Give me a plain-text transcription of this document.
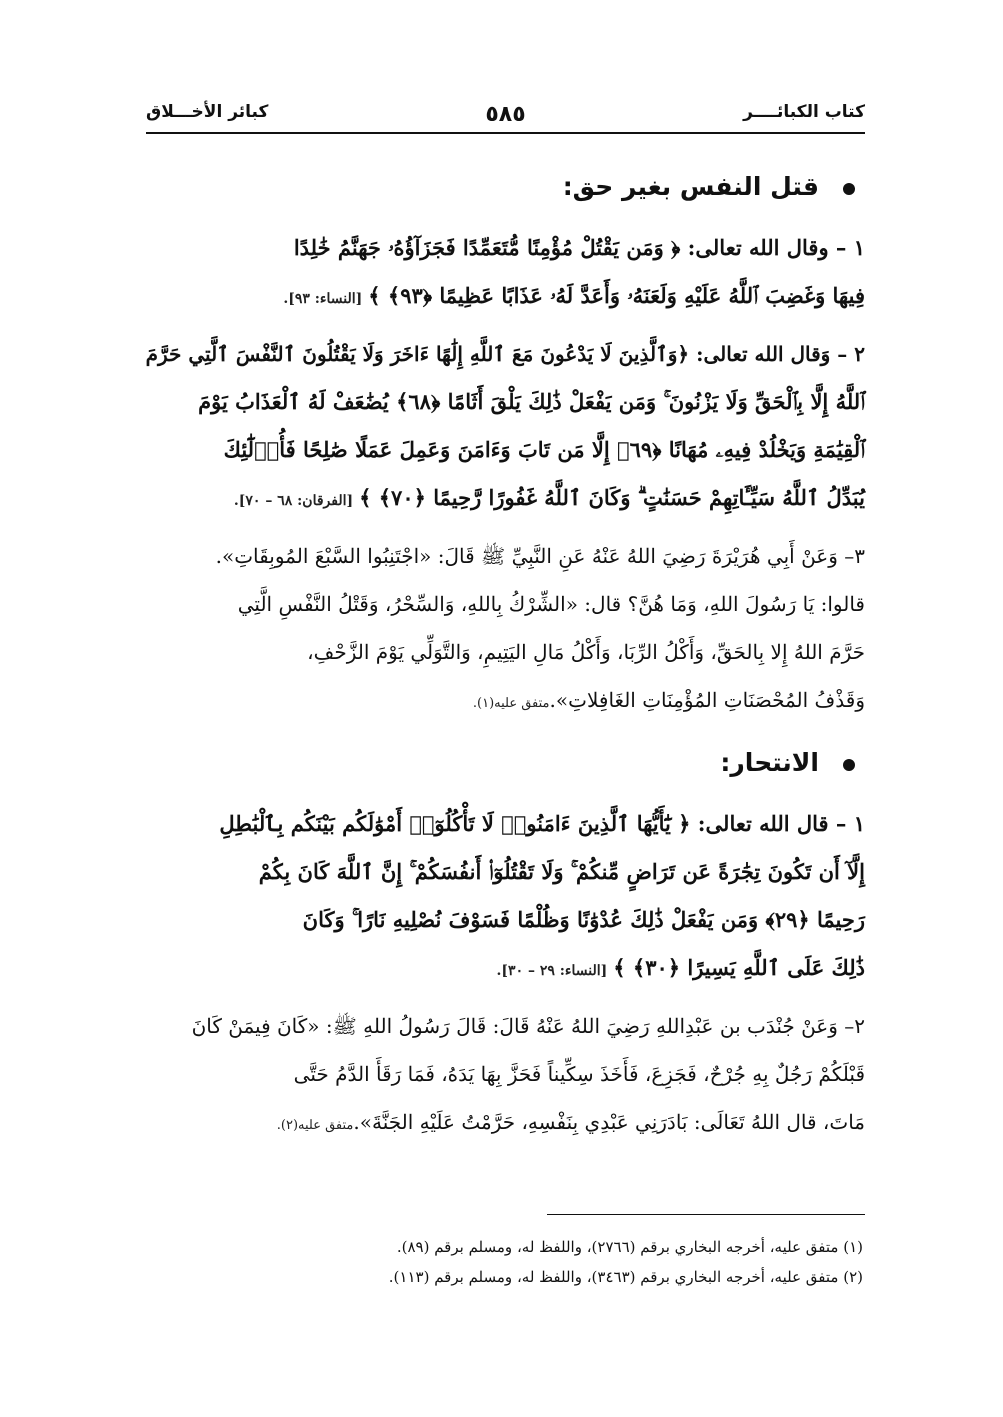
كتاب الكبائــــر
٥٨٥
كبائر الأخـــلاق
قتل النفس بغير حق:
١ – وقال الله تعالى: ﴿ وَمَن يَقْتُلْ مُؤْمِنًا مُّتَعَمِّدًا فَجَزَآؤُهُۥ جَهَنَّمُ خَٰلِدًا
فِيهَا وَغَضِبَ ٱللَّهُ عَلَيْهِ وَلَعَنَهُۥ وَأَعَدَّ لَهُۥ عَذَابًا عَظِيمًا ﴿٩٣﴾ ﴾[النساء: ٩٣].
٢ – وَقال الله تعالى: ﴿وَٱلَّذِينَ لَا يَدْعُونَ مَعَ ٱللَّهِ إِلَٰهًا ءَاخَرَ وَلَا يَقْتُلُونَ ٱلنَّفْسَ ٱلَّتِي حَرَّمَ
ٱللَّهُ إِلَّا بِٱلْحَقِّ وَلَا يَزْنُونَ ۚ وَمَن يَفْعَلْ ذَٰلِكَ يَلْقَ أَثَامًا ﴿٦٨﴾ يُضَٰعَفْ لَهُ ٱلْعَذَابُ يَوْمَ
ٱلْقِيَٰمَةِ وَيَخْلُدْ فِيهِۦ مُهَانًا ﴿٦٩﴾ إِلَّا مَن تَابَ وَءَامَنَ وَعَمِلَ عَمَلًا صَٰلِحًا فَأُو۟لَٰٓئِكَ
يُبَدِّلُ ٱللَّهُ سَيِّـَٔاتِهِمْ حَسَنَٰتٍ ۗ وَكَانَ ٱللَّهُ غَفُورًا رَّحِيمًا ﴿٧٠﴾ ﴾[الفرقان: ٦٨ – ٧٠].
٣– وَعَنْ أَبِي هُرَيْرَةَ رَضِيَ اللهُ عَنْهُ عَنِ النَّبِيِّ ﷺ قَالَ: «اجْتَنِبُوا السَّبْعَ المُوبِقَاتِ».
قالوا: يَا رَسُولَ اللهِ، وَمَا هُنَّ؟ قال: «الشِّرْكُ بِاللهِ، وَالسِّحْرُ، وَقَتْلُ النَّفْسِ الَّتِي
حَرَّمَ اللهُ إِلا بِالحَقِّ، وَأَكْلُ الرِّبَا، وَأَكْلُ مَالِ اليَتِيمِ، وَالتَّوَلِّي يَوْمَ الزَّحْفِ،
وَقَذْفُ المُحْصَنَاتِ المُؤْمِنَاتِ الغَافِلاتِ».متفق عليه(١).
الانتحار:
١ – قال الله تعالى: ﴿ يَٰٓأَيُّهَا ٱلَّذِينَ ءَامَنُوا۟ لَا تَأْكُلُوٓا۟ أَمْوَٰلَكُم بَيْنَكُم بِٱلْبَٰطِلِ
إِلَّآ أَن تَكُونَ تِجَٰرَةً عَن تَرَاضٍ مِّنكُمْ ۚ وَلَا تَقْتُلُوٓا۟ أَنفُسَكُمْ ۚ إِنَّ ٱللَّهَ كَانَ بِكُمْ
رَحِيمًا ﴿٢٩﴾ وَمَن يَفْعَلْ ذَٰلِكَ عُدْوَٰنًا وَظُلْمًا فَسَوْفَ نُصْلِيهِ نَارًا ۚ وَكَانَ
ذَٰلِكَ عَلَى ٱللَّهِ يَسِيرًا ﴿٣٠﴾ ﴾[النساء: ٢٩ – ٣٠].
٢– وَعَنْ جُنْدَب بن عَبْدِاللهِ رَضِيَ اللهُ عَنْهُ قَالَ: قَالَ رَسُولُ اللهِ ﷺ: «كَانَ فِيمَنْ كَانَ
قَبْلَكُمْ رَجُلٌ بِهِ جُرْحٌ، فَجَزِعَ، فَأَخَذَ سِكِّيناً فَحَزَّ بِهَا يَدَهُ، فَمَا رَقَأَ الدَّمُ حَتَّى
مَاتَ، قال اللهُ تَعَالَى: بَادَرَنِي عَبْدِي بِنَفْسِهِ، حَرَّمْتُ عَلَيْهِ الجَنَّةَ».متفق عليه(٢).
(١) متفق عليه، أخرجه البخاري برقم (٢٧٦٦)، واللفظ له، ومسلم برقم (٨٩).
(٢) متفق عليه، أخرجه البخاري برقم (٣٤٦٣)، واللفظ له، ومسلم برقم (١١٣).
